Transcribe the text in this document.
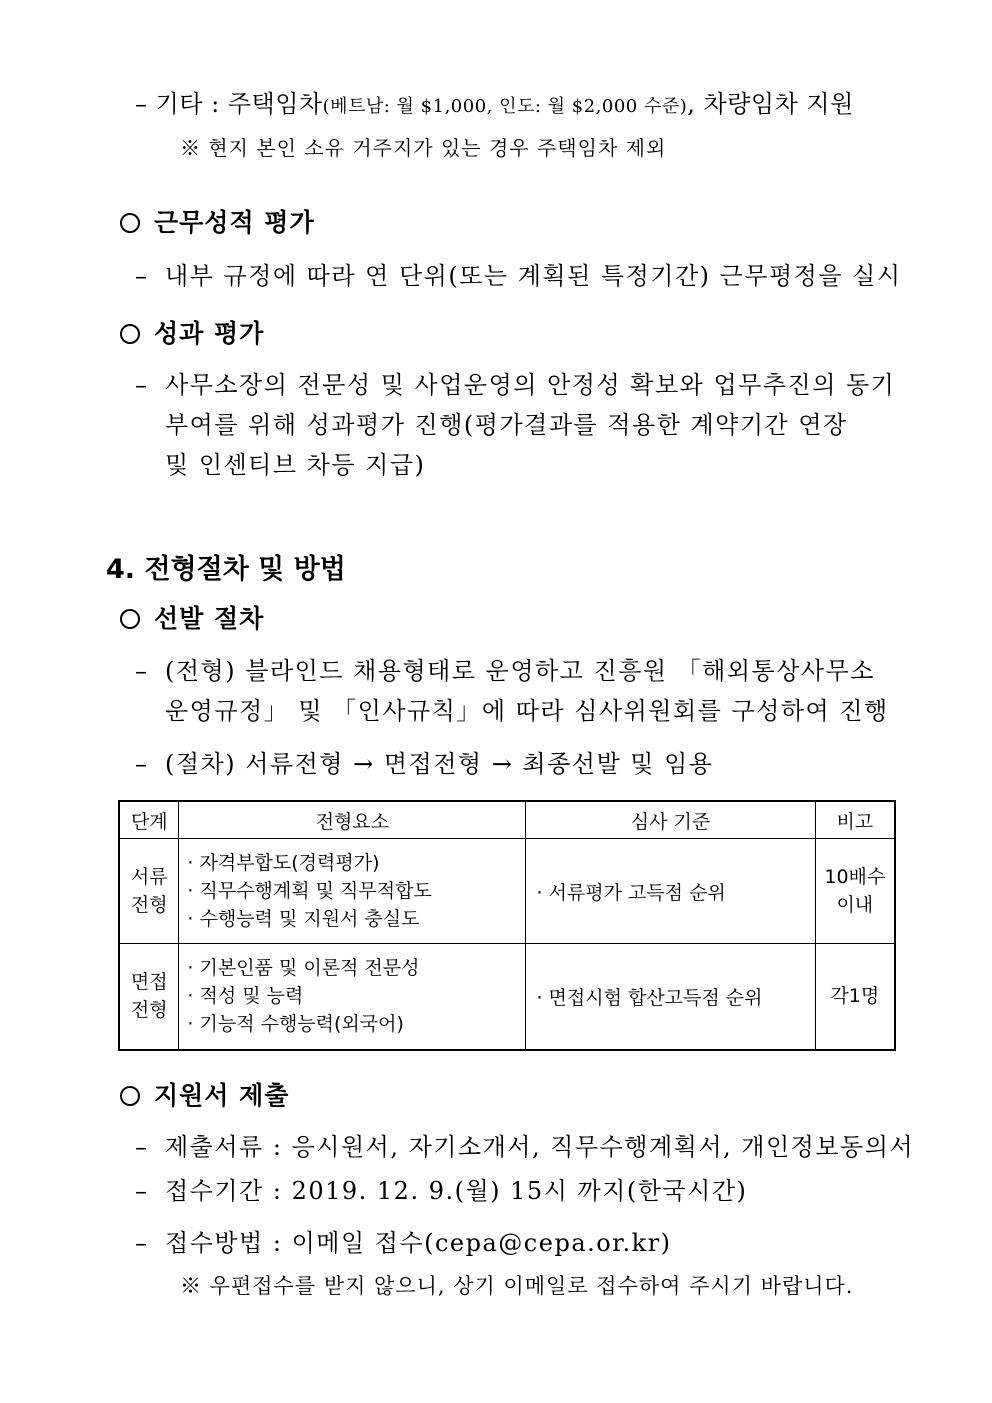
– 기타 : 주택임차(베트남: 월 $1,000, 인도: 월 $2,000 수준), 차량임차 지원
※ 현지 본인 소유 거주지가 있는 경우 주택임차 제외
근무성적 평가
– 내부 규정에 따라 연 단위(또는 계획된 특정기간) 근무평정을 실시
성과 평가
– 사무소장의 전문성 및 사업운영의 안정성 확보와 업무추진의 동기
부여를 위해 성과평가 진행(평가결과를 적용한 계약기간 연장
및 인센티브 차등 지급)
4. 전형절차 및 방법
선발 절차
– (전형) 블라인드 채용형태로 운영하고 진흥원 「해외통상사무소
운영규정」 및 「인사규칙」에 따라 심사위원회를 구성하여 진행
– (절차) 서류전형 → 면접전형 → 최종선발 및 임용
단계	전형요소	심사 기준	비고

서류
전형	· 자격부합도(경력평가)
· 직무수행계획 및 직무적합도
· 수행능력 및 지원서 충실도	· 서류평가 고득점 순위	10배수
이내

면접
전형	· 기본인품 및 이론적 전문성
· 적성 및 능력
· 기능적 수행능력(외국어)	· 면접시험 합산고득점 순위	각1명
지원서 제출
– 제출서류 : 응시원서, 자기소개서, 직무수행계획서, 개인정보동의서
– 접수기간 : 2019. 12. 9.(월) 15시 까지(한국시간)
– 접수방법 : 이메일 접수(cepa@cepa.or.kr)
※ 우편접수를 받지 않으니, 상기 이메일로 접수하여 주시기 바랍니다.
